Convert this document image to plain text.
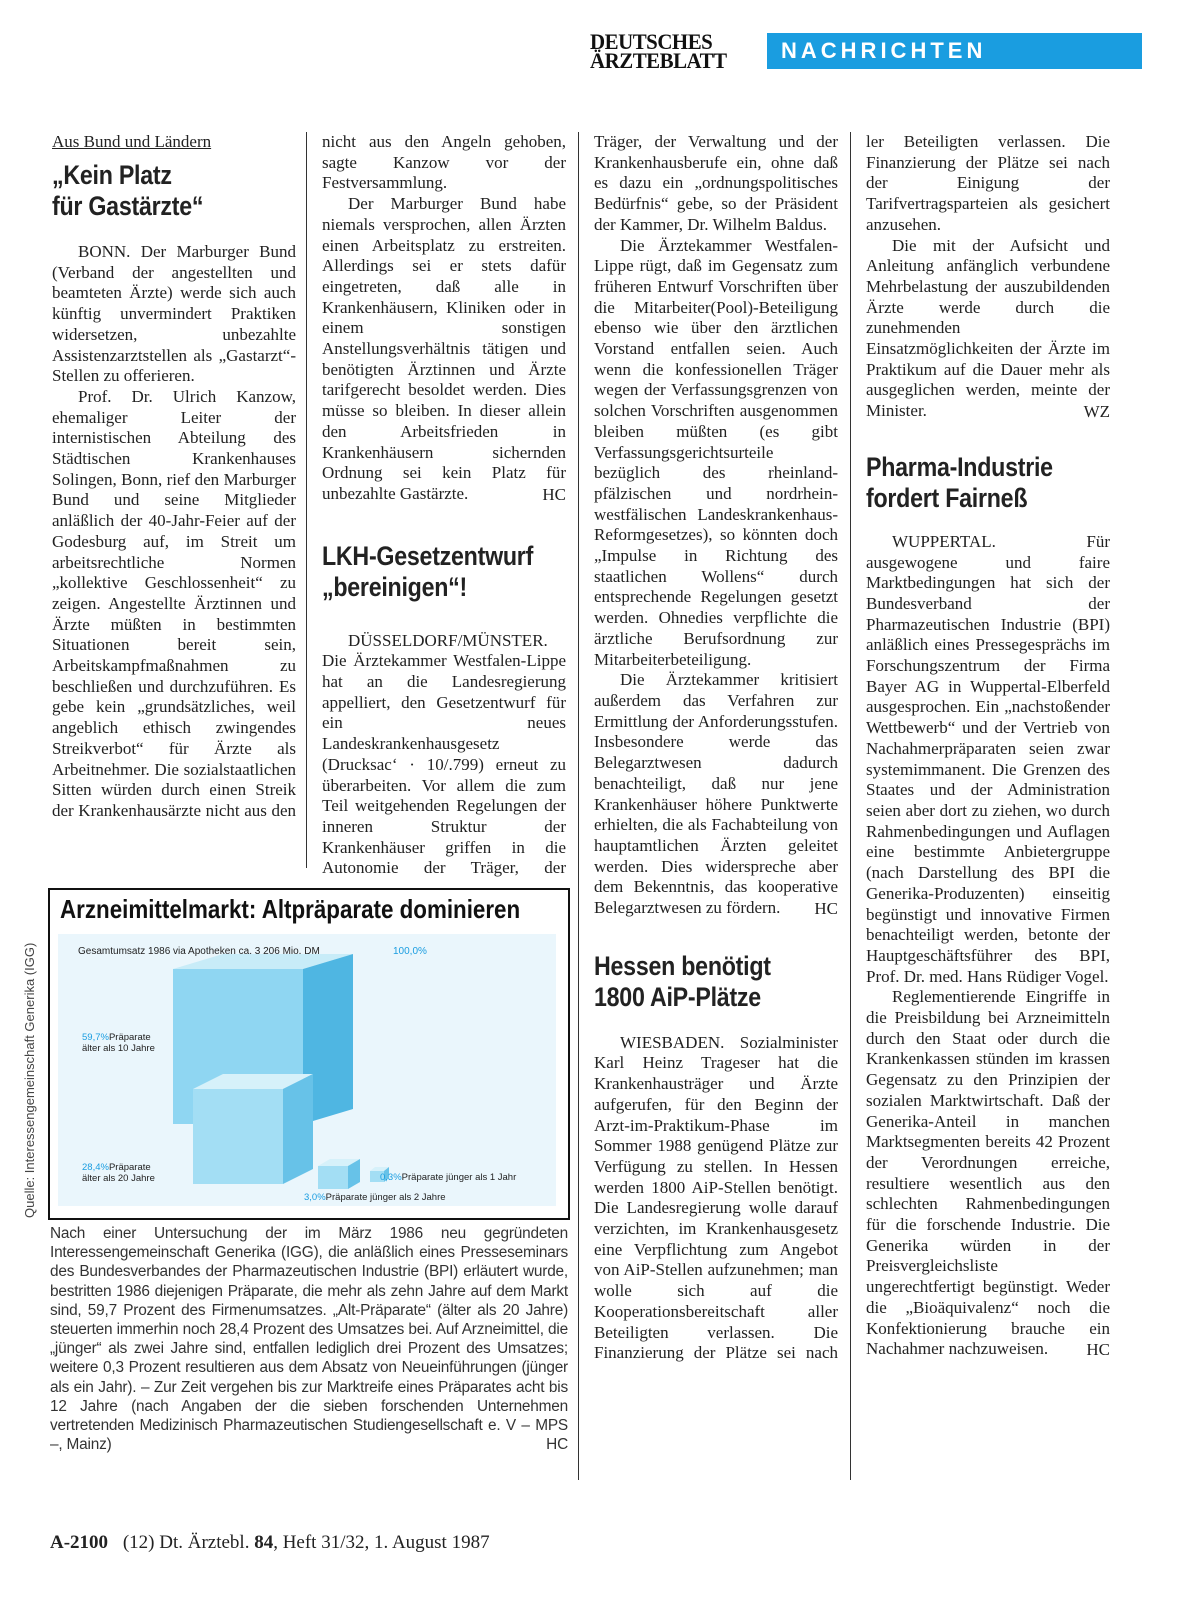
DEUTSCHES
ÄRZTEBLATT	NACHRICHTEN
Aus Bund und Ländern
„Kein Platz
für Gastärzte“

BONN. Der Marburger Bund (Verband der angestellten und beamteten Ärzte) werde sich auch künftig unvermindert Praktiken widersetzen, unbezahlte Assistenzarztstellen als „Gastarzt“-Stellen zu offerieren.

Prof. Dr. Ulrich Kanzow, ehemaliger Leiter der internistischen Abteilung des Städtischen Krankenhauses Solingen, Bonn, rief den Marburger Bund und seine Mitglieder anläßlich der 40-Jahr-Feier auf der Godesburg auf, im Streit um arbeitsrechtliche Normen „kollektive Geschlossenheit“ zu zeigen. Angestellte Ärztinnen und Ärzte müßten in bestimmten Situationen bereit sein, Arbeitskampfmaßnahmen zu beschließen und durchzuführen. Es gebe kein „grundsätzliches, weil angeblich ethisch zwingendes Streikverbot“ für Ärzte als Arbeitnehmer. Die sozialstaatlichen Sitten würden durch einen Streik der Krankenhausärzte nicht aus den

nicht aus den Angeln gehoben, sagte Kanzow vor der Festversammlung.

Der Marburger Bund habe niemals versprochen, allen Ärzten einen Arbeitsplatz zu erstreiten. Allerdings sei er stets dafür eingetreten, daß alle in Krankenhäusern, Kliniken oder in einem sonstigen Anstellungsverhältnis tätigen und benötigten Ärztinnen und Ärzte tarifgerecht besoldet werden. Dies müsse so bleiben. In dieser allein den Arbeitsfrieden in Krankenhäusern sichernden Ordnung sei kein Platz für unbezahlte Gastärzte.	HC
LKH-Gesetzentwurf
„bereinigen“!

DÜSSELDORF/MÜNSTER. Die Ärztekammer Westfalen-Lippe hat an die Landesregierung appelliert, den Gesetzentwurf für ein neues Landeskrankenhausgesetz (Drucksac‘ · 10/.799) erneut zu überarbeiten. Vor allem die zum Teil weitgehenden Regelungen der inneren Struktur der Krankenhäuser griffen in die Autonomie der Träger, der

Träger, der Verwaltung und der Krankenhausberufe ein, ohne daß es dazu ein „ordnungspolitisches Bedürfnis“ gebe, so der Präsident der Kammer, Dr. Wilhelm Baldus.

Die Ärztekammer Westfalen-Lippe rügt, daß im Gegensatz zum früheren Entwurf Vorschriften über die Mitarbeiter(Pool)-Beteiligung ebenso wie über den ärztlichen Vorstand entfallen seien. Auch wenn die konfessionellen Träger wegen der Verfassungsgrenzen von solchen Vorschriften ausgenommen bleiben müßten (es gibt Verfassungsgerichtsurteile bezüglich des rheinland-pfälzischen und nordrhein-westfälischen Landeskrankenhaus-Reformgesetzes), so könnten doch „Impulse in Richtung des staatlichen Wollens“ durch entsprechende Regelungen gesetzt werden. Ohnedies verpflichte die ärztliche Berufsordnung zur Mitarbeiterbeteiligung.

Die Ärztekammer kritisiert außerdem das Verfahren zur Ermittlung der Anforderungsstufen. Insbesondere werde das Belegarztwesen dadurch benachteiligt, daß nur jene Krankenhäuser höhere Punktwerte erhielten, die als Fachabteilung von hauptamtlichen Ärzten geleitet werden. Dies widerspreche aber dem Bekenntnis, das kooperative Belegarztwesen zu fördern.	HC
Hessen benötigt
1800 AiP-Plätze

WIESBADEN. Sozialminister Karl Heinz Trageser hat die Krankenhausträger und Ärzte aufgerufen, für den Beginn der Arzt-im-Praktikum-Phase im Sommer 1988 genügend Plätze zur Verfügung zu stellen. In Hessen werden 1800 AiP-Stellen benötigt. Die Landesregierung wolle darauf verzichten, im Krankenhausgesetz eine Verpflichtung zum Angebot von AiP-Stellen aufzunehmen; man wolle sich auf die Kooperationsbereitschaft aller Beteiligten verlassen. Die Finanzierung der Plätze sei nach

ler Beteiligten verlassen. Die Finanzierung der Plätze sei nach der Einigung der Tarifvertragsparteien als gesichert anzusehen.

Die mit der Aufsicht und Anleitung anfänglich verbundene Mehrbelastung der auszubildenden Ärzte werde durch die zunehmenden Einsatzmöglichkeiten der Ärzte im Praktikum auf die Dauer mehr als ausgeglichen werden, meinte der Minister.	WZ
Pharma-Industrie
fordert Fairneß

WUPPERTAL. Für ausgewogene und faire Marktbedingungen hat sich der Bundesverband der Pharmazeutischen Industrie (BPI) anläßlich eines Pressegesprächs im Forschungszentrum der Firma Bayer AG in Wuppertal-Elberfeld ausgesprochen. Ein „nachstoßender Wettbewerb“ und der Vertrieb von Nachahmerpräparaten seien zwar systemimmanent. Die Grenzen des Staates und der Administration seien aber dort zu ziehen, wo durch Rahmenbedingungen und Auflagen eine bestimmte Anbietergruppe (nach Darstellung des BPI die Generika-Produzenten) einseitig begünstigt und innovative Firmen benachteiligt werden, betonte der Hauptgeschäftsführer des BPI, Prof. Dr. med. Hans Rüdiger Vogel.

Reglementierende Eingriffe in die Preisbildung bei Arzneimitteln durch den Staat oder durch die Krankenkassen stünden im krassen Gegensatz zu den Prinzipien der sozialen Marktwirtschaft. Daß der Generika-Anteil in manchen Marktsegmenten bereits 42 Prozent der Verordnungen erreiche, resultiere wesentlich aus den schlechten Rahmenbedingungen für die forschende Industrie. Die Generika würden in der Preisvergleichsliste ungerechtfertigt begünstigt. Weder die „Bioäquivalenz“ noch die Konfektionierung brauche ein Nachahmer nachzuweisen.	HC
Arzneimittelmarkt: Altpräparate dominieren
Gesamtumsatz 1986 via Apotheken ca. 3 206 Mio. DM	100,0%
59,7%Präparate
älter als 10 Jahre
28,4%Präparate
älter als 20 Jahre	0,3%Präparate jünger als 1 Jahr
3,0%Präparate jünger als 2 Jahre
Quelle: Interessengemeinschaft Generika (IGG)

Nach einer Untersuchung der im März 1986 neu gegründeten Interessengemeinschaft Generika (IGG), die anläßlich eines Presseseminars des Bundesverbandes der Pharmazeutischen Industrie (BPI) erläutert wurde, bestritten 1986 diejenigen Präparate, die mehr als zehn Jahre auf dem Markt sind, 59,7 Prozent des Firmenumsatzes. „Alt-Präparate“ (älter als 20 Jahre) steuerten immerhin noch 28,4 Prozent des Umsatzes bei. Auf Arzneimittel, die „jünger“ als zwei Jahre sind, entfallen lediglich drei Prozent des Umsatzes; weitere 0,3 Prozent resultieren aus dem Absatz von Neueinführungen (jünger als ein Jahr). – Zur Zeit vergehen bis zur Marktreife eines Präparates acht bis 12 Jahre (nach Angaben der die sieben forschenden Unternehmen vertretenden Medizinisch Pharmazeutischen Studiengesellschaft e. V – MPS –, Mainz)	HC

A-2100 (12) Dt. Ärztebl. 84, Heft 31/32, 1. August 1987
